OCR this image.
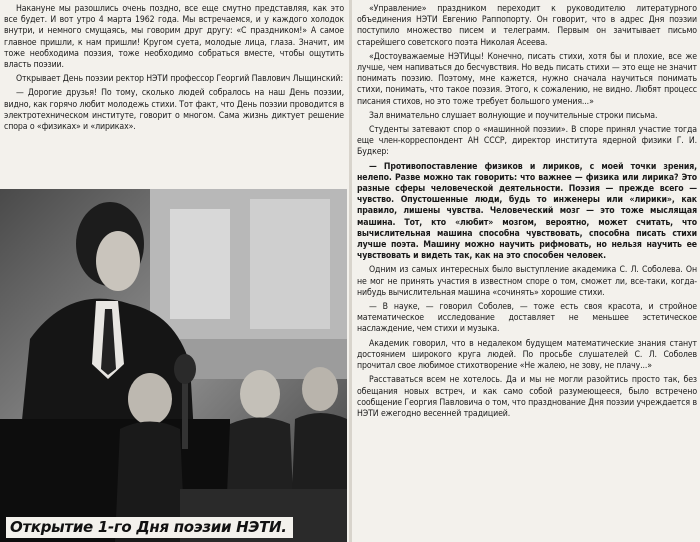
Накануне мы разошлись очень поздно, все еще смутно представляя, как это все будет. И вот утро 4 марта 1962 года. Мы встречаемся, и у каждого холодок внутри, и немного смущаясь, мы говорим друг другу: «С праздником!» А самое главное пришли, к нам пришли! Кругом суета, молодые лица, глаза. Значит, им тоже необходима поэзия, тоже необходимо собраться вместе, чтобы ощутить власть поэзии.

Открывает День поэзии ректор НЭТИ профессор Георгий Павлович Лыщинский:

— Дорогие друзья! По тому, сколько людей собралось на наш День поэзии, видно, как горячо любит молодежь стихи. Тот факт, что День поэзии проводится в электротехническом институте, говорит о многом. Сама жизнь диктует решение спора о «физиках» и «лириках».

Открытие 1-го Дня поэзии НЭТИ.

«Управление» праздником переходит к руководителю литературного объединения НЭТИ Евгению Раппопорту. Он говорит, что в адрес Дня поэзии поступило множество писем и телеграмм. Первым он зачитывает письмо старейшего советского поэта Николая Асеева.

«Достоуважаемые НЭТИцы! Конечно, писать стихи, хотя бы и плохие, все же лучше, чем напиваться до бесчувствия. Но ведь писать стихи — это еще не значит понимать поэзию. Поэтому, мне кажется, нужно сначала научиться понимать стихи, понимать, что такое поэзия. Этого, к сожалению, не видно. Любят процесс писания стихов, но это тоже требует большого умения...»

Зал внимательно слушает волнующие и поучительные строки письма.

Студенты затевают спор о «машинной поэзии». В споре принял участие тогда еще член-корреспондент АН СССР, директор института ядерной физики Г. И. Будкер:

— Противопоставление физиков и лириков, с моей точки зрения, нелепо. Разве можно так говорить: что важнее — физика или лирика? Это разные сферы человеческой деятельности. Поэзия — прежде всего — чувство. Опустошенные люди, будь то инженеры или «лирики», как правило, лишены чувства. Человеческий мозг — это тоже мыслящая машина. Тот, кто «любит» мозгом, вероятно, может считать, что вычислительная машина способна чувствовать, способна писать стихи лучше поэта. Машину можно научить рифмовать, но нельзя научить ее чувствовать и видеть так, как на это способен человек.

Одним из самых интересных было выступление академика С. Л. Соболева. Он не мог не принять участия в известном споре о том, сможет ли, все-таки, когда-нибудь вычислительная машина «сочинять» хорошие стихи.

— В науке, — говорил Соболев, — тоже есть своя красота, и стройное математическое исследование доставляет не меньшее эстетическое наслаждение, чем стихи и музыка.

Академик говорил, что в недалеком будущем математические знания станут достоянием широкого круга людей. По просьбе слушателей С. Л. Соболев прочитал свое любимое стихотворение «Не жалею, не зову, не плачу...»

Расставаться всем не хотелось. Да и мы не могли разойтись просто так, без обещания новых встреч, и как само собой разумеющееся, было встречено сообщение Георгия Павловича о том, что празднование Дня поэзии учреждается в НЭТИ ежегодно весенней традицией.
